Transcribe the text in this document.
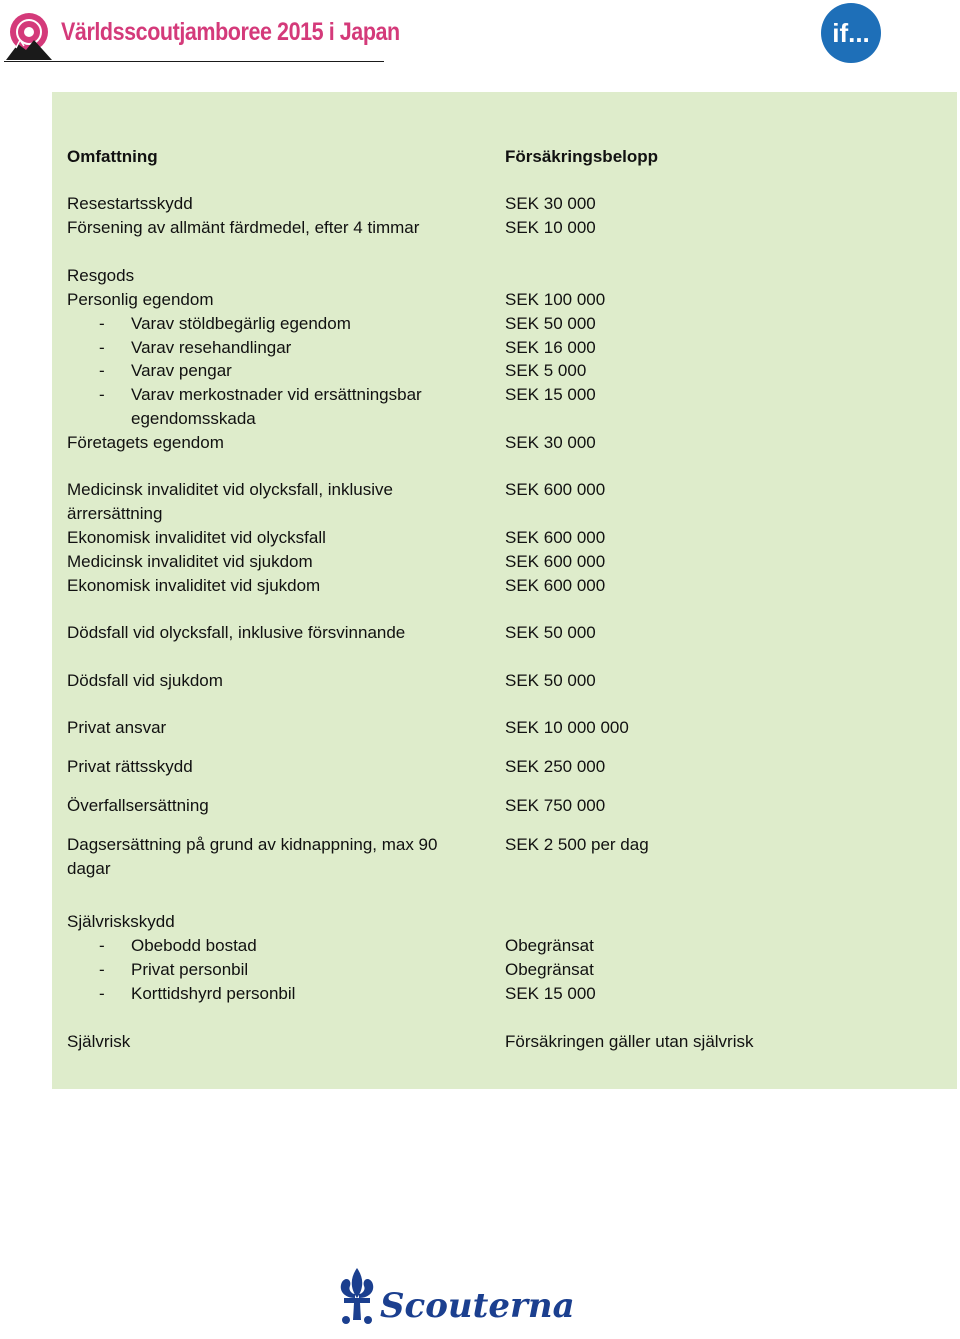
Världsscoutjamboree 2015 i Japan	if...
Omfattning	Försäkringsbelopp
Resestartsskydd	SEK 30 000
Försening av allmänt färdmedel, efter 4 timmar	SEK 10 000
Resgods
Personlig egendom	SEK 100 000
- Varav stöldbegärlig egendom	SEK 50 000
- Varav resehandlingar	SEK 16 000
- Varav pengar	SEK 5 000
- Varav merkostnader vid ersättningsbar	SEK 15 000
egendomsskada
Företagets egendom	SEK 30 000
Medicinsk invaliditet vid olycksfall, inklusive	SEK 600 000
ärrersättning
Ekonomisk invaliditet vid olycksfall	SEK 600 000
Medicinsk invaliditet vid sjukdom	SEK 600 000
Ekonomisk invaliditet vid sjukdom	SEK 600 000
Dödsfall vid olycksfall, inklusive försvinnande	SEK 50 000
Dödsfall vid sjukdom	SEK 50 000
Privat ansvar	SEK 10 000 000
Privat rättsskydd	SEK 250 000
Överfallsersättning	SEK 750 000
Dagsersättning på grund av kidnappning, max 90	SEK 2 500 per dag
dagar
Självriskskydd
- Obebodd bostad	Obegränsat
- Privat personbil	Obegränsat
- Korttidshyrd personbil	SEK 15 000
Självrisk	Försäkringen gäller utan självrisk
Scouterna
